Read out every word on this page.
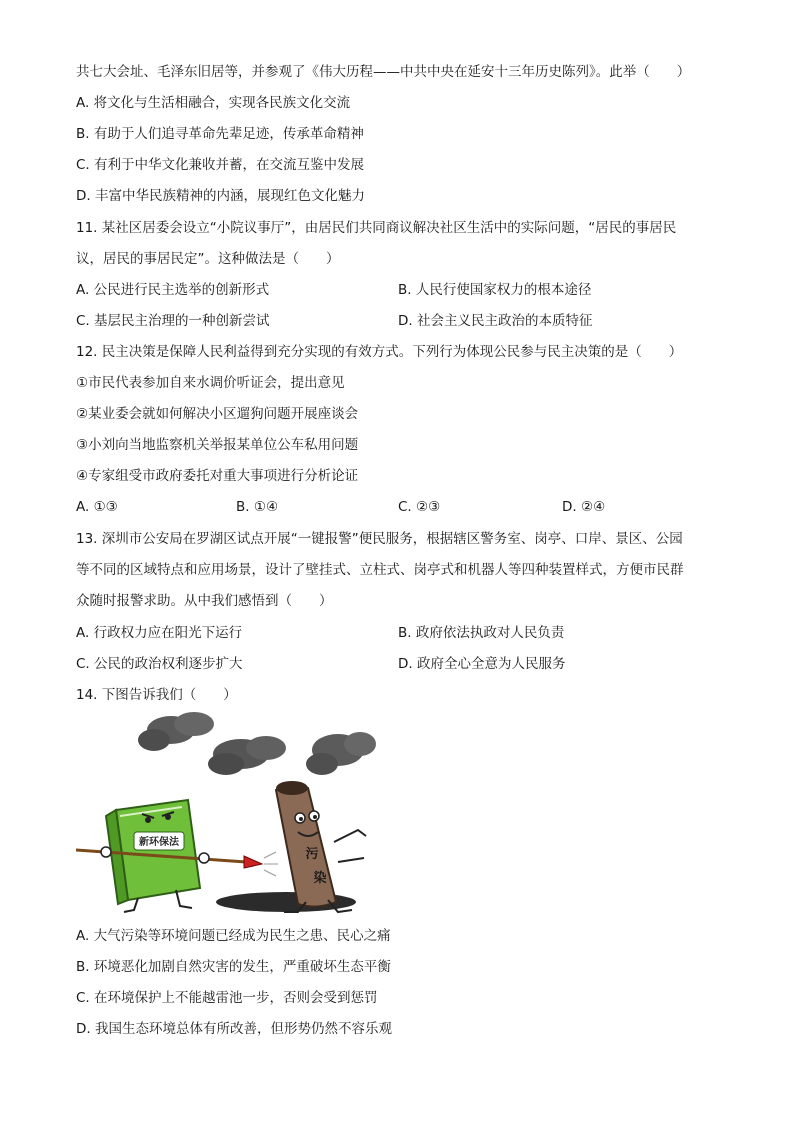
共七大会址、毛泽东旧居等，并参观了《伟大历程——中共中央在延安十三年历史陈列》。此举（　　）
A. 将文化与生活相融合，实现各民族文化交流
B. 有助于人们追寻革命先辈足迹，传承革命精神
C. 有利于中华文化兼收并蓄，在交流互鉴中发展
D. 丰富中华民族精神的内涵，展现红色文化魅力
11. 某社区居委会设立“小院议事厅”，由居民们共同商议解决社区生活中的实际问题，“居民的事居民
议，居民的事居民定”。这种做法是（　　）
A. 公民进行民主选举的创新形式	B. 人民行使国家权力的根本途径
C. 基层民主治理的一种创新尝试	D. 社会主义民主政治的本质特征
12. 民主决策是保障人民利益得到充分实现的有效方式。下列行为体现公民参与民主决策的是（　　）
①市民代表参加自来水调价听证会，提出意见
②某业委会就如何解决小区遛狗问题开展座谈会
③小刘向当地监察机关举报某单位公车私用问题
④专家组受市政府委托对重大事项进行分析论证
A. ①③	B. ①④	C. ②③	D. ②④
13. 深圳市公安局在罗湖区试点开展“一键报警”便民服务，根据辖区警务室、岗亭、口岸、景区、公园
等不同的区域特点和应用场景，设计了壁挂式、立柱式、岗亭式和机器人等四种装置样式，方便市民群
众随时报警求助。从中我们感悟到（　　）
A. 行政权力应在阳光下运行	B. 政府依法执政对人民负责
C. 公民的政治权利逐步扩大	D. 政府全心全意为人民服务
14. 下图告诉我们（　　）
新环保法
污
染
A. 大气污染等环境问题已经成为民生之患、民心之痛
B. 环境恶化加剧自然灾害的发生，严重破坏生态平衡
C. 在环境保护上不能越雷池一步，否则会受到惩罚
D. 我国生态环境总体有所改善，但形势仍然不容乐观
